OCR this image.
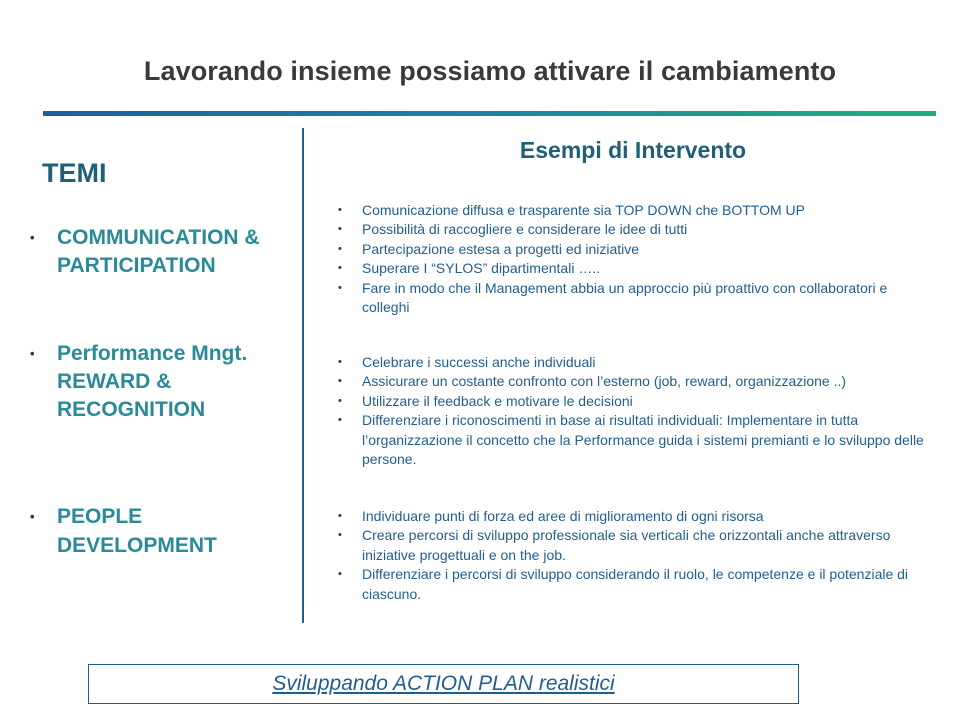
Lavorando insieme possiamo attivare il cambiamento
TEMI
• COMMUNICATION &
PARTICIPATION
• Performance Mngt.
REWARD &
RECOGNITION
• PEOPLE
DEVELOPMENT
Esempi di Intervento
• Comunicazione diffusa e trasparente sia TOP DOWN che BOTTOM UP
• Possibilità di raccogliere e considerare le idee di tutti
• Partecipazione estesa a progetti ed iniziative
• Superare I “SYLOS” dipartimentali …..
• Fare in modo che il Management abbia un approccio più proattivo con collaboratori e colleghi
• Celebrare i successi anche individuali
• Assicurare un costante confronto con l’esterno (job, reward, organizzazione ..)
• Utilizzare il feedback e motivare le decisioni
• Differenziare i riconoscimenti in base ai risultati individuali: Implementare in tutta l’organizzazione il concetto che la Performance guida i sistemi premianti e lo sviluppo delle persone.
• Individuare punti di forza ed aree di miglioramento di ogni risorsa
• Creare percorsi di sviluppo professionale sia verticali che orizzontali anche attraverso iniziative progettuali e on the job.
• Differenziare i percorsi di sviluppo considerando il ruolo, le competenze e il potenziale di ciascuno.
Sviluppando ACTION PLAN realistici
